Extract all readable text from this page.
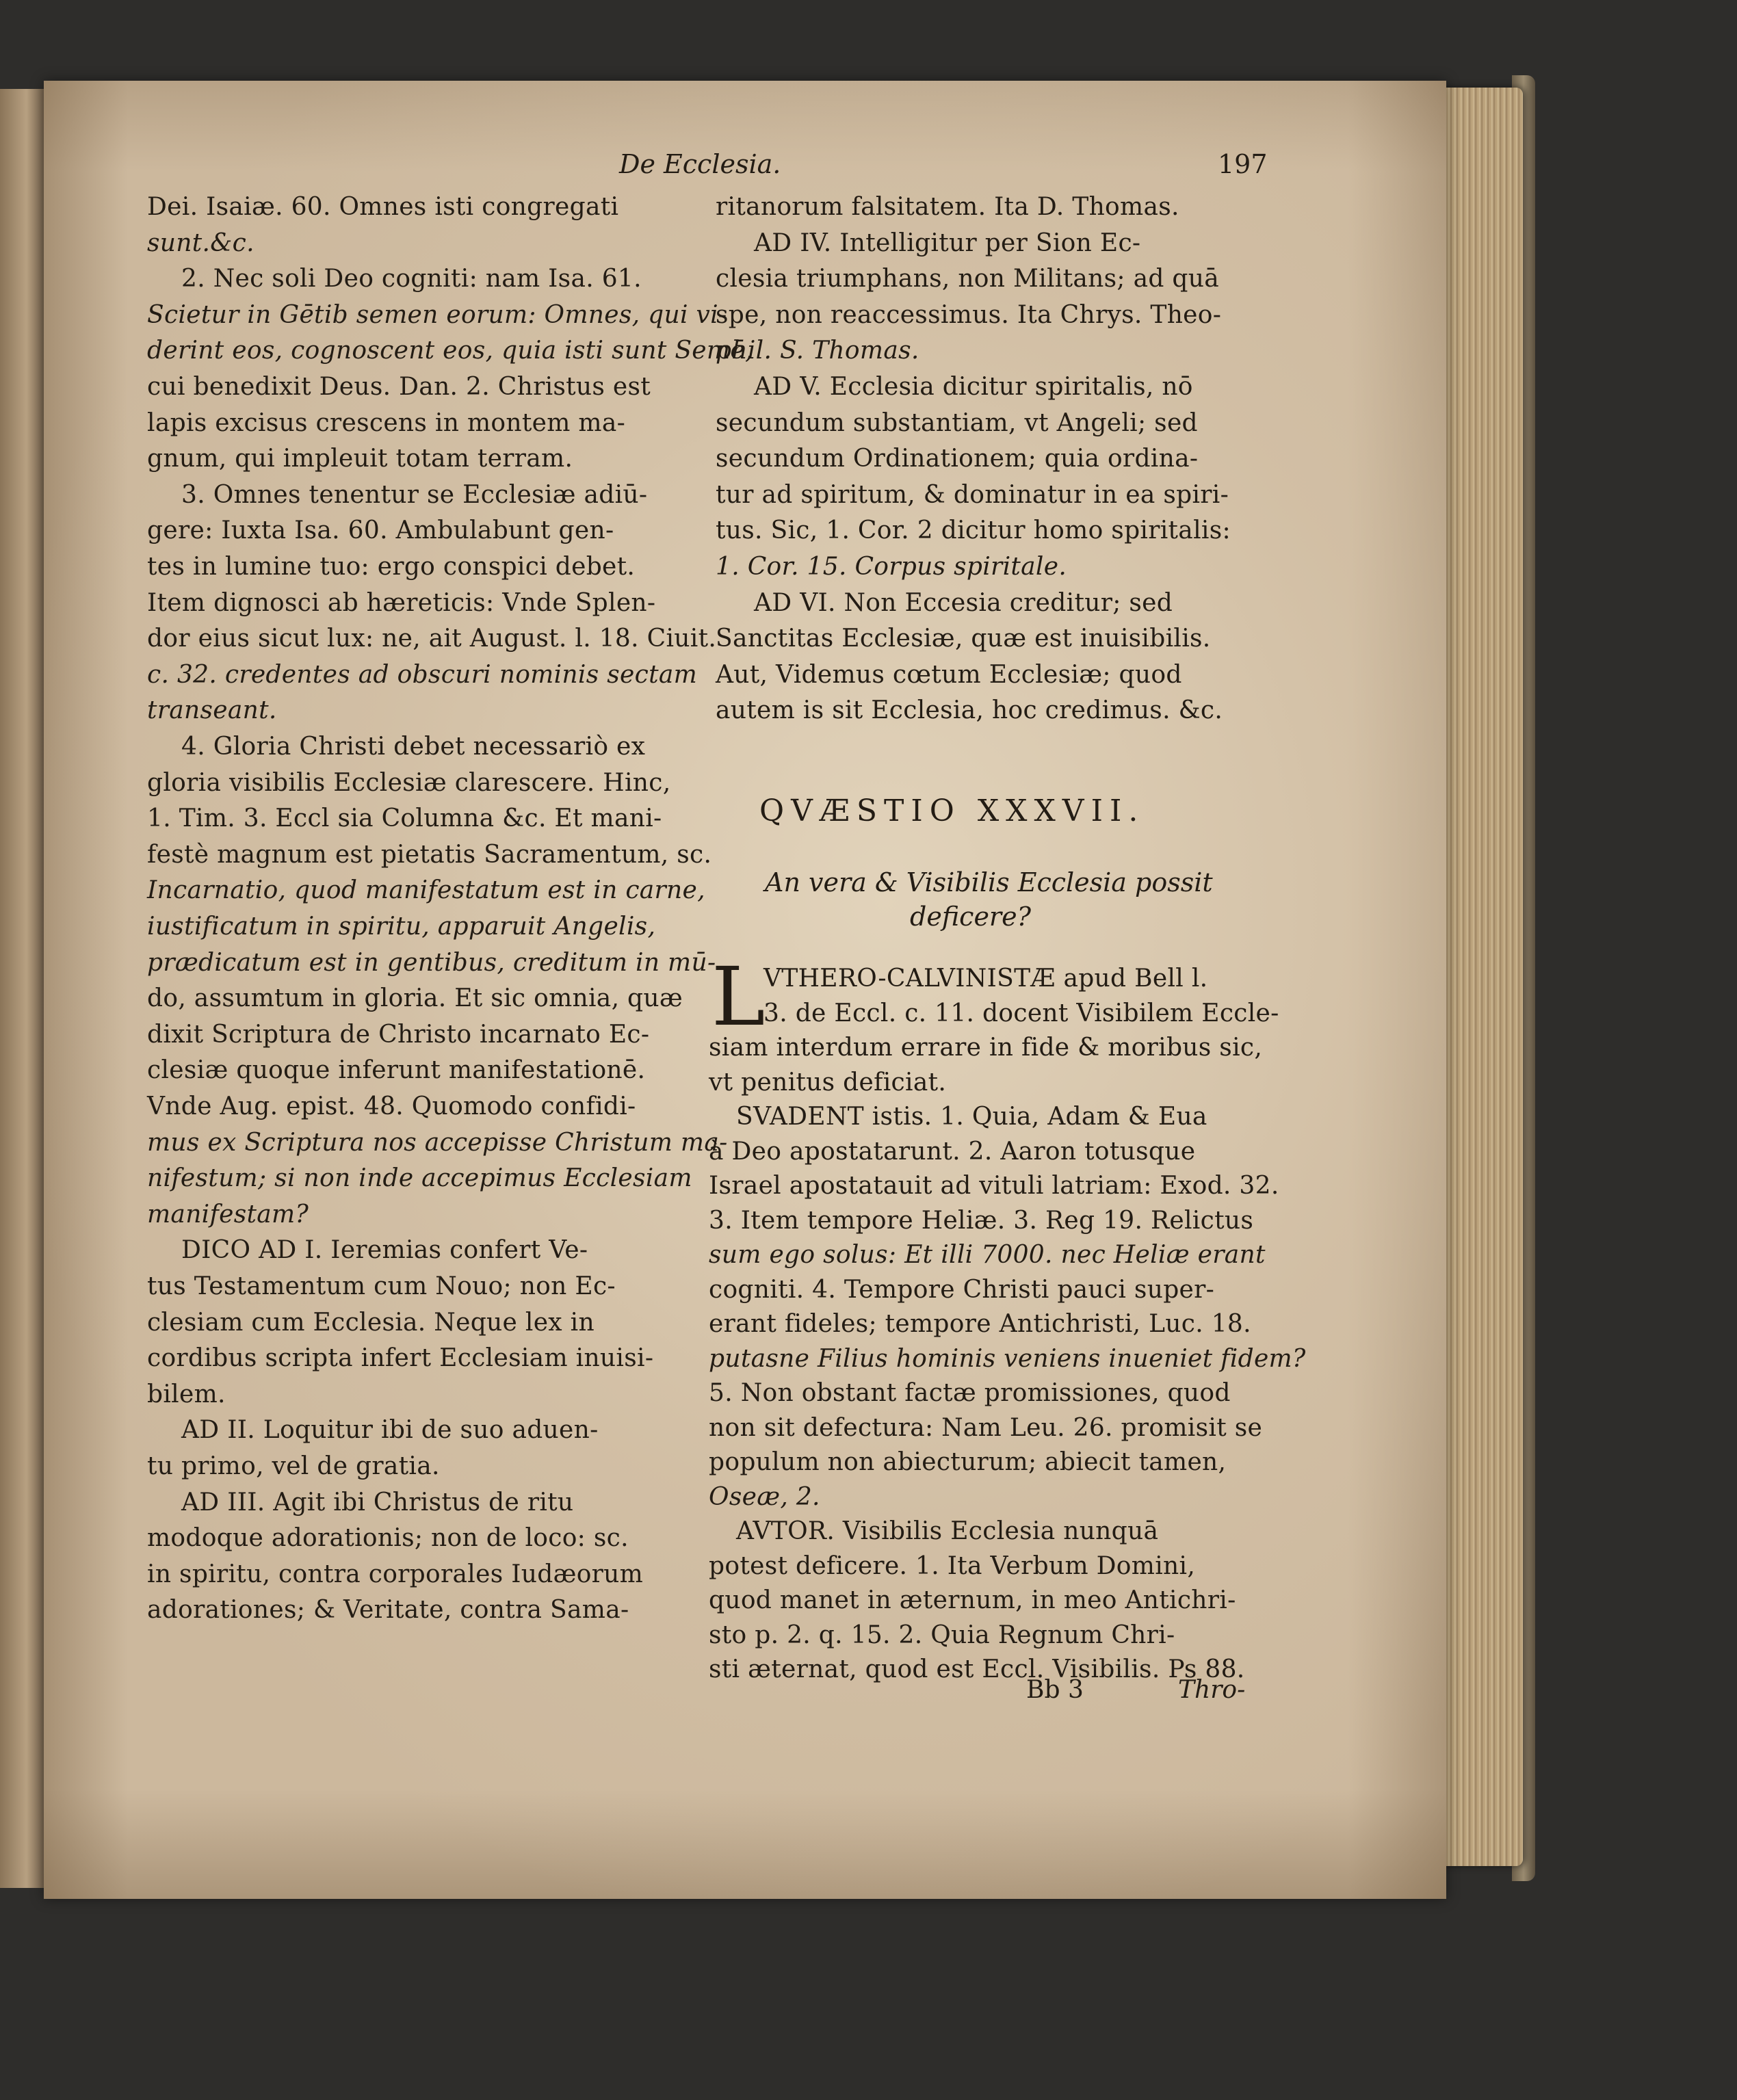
De Ecclesia.	197
Dei. Isaiæ. 60. Omnes isti congregati
sunt.&c.
2. Nec soli Deo cogniti: nam Isa. 61.
Scietur in Gētib semen eorum: Omnes, qui vi-
derint eos, cognoscent eos, quia isti sunt Semē,
cui benedixit Deus. Dan. 2. Christus est
lapis excisus crescens in montem ma-
gnum, qui impleuit totam terram.
3. Omnes tenentur se Ecclesiæ adiū-
gere: Iuxta Isa. 60. Ambulabunt gen-
tes in lumine tuo: ergo conspici debet.
Item dignosci ab hæreticis: Vnde Splen-
dor eius sicut lux: ne, ait August. l. 18. Ciuit.
c. 32. credentes ad obscuri nominis sectam
transeant.
4. Gloria Christi debet necessariò ex
gloria visibilis Ecclesiæ clarescere. Hinc,
1. Tim. 3. Eccl sia Columna &c. Et mani-
festè magnum est pietatis Sacramentum, sc.
Incarnatio, quod manifestatum est in carne,
iustificatum in spiritu, apparuit Angelis,
prædicatum est in gentibus, creditum in mū-
do, assumtum in gloria. Et sic omnia, quæ
dixit Scriptura de Christo incarnato Ec-
clesiæ quoque inferunt manifestationē.
Vnde Aug. epist. 48. Quomodo confidi-
mus ex Scriptura nos accepisse Christum ma-
nifestum; si non inde accepimus Ecclesiam
manifestam?
DICO AD I. Ieremias confert Ve-
tus Testamentum cum Nouo; non Ec-
clesiam cum Ecclesia. Neque lex in
cordibus scripta infert Ecclesiam inuisi-
bilem.
AD II. Loquitur ibi de suo aduen-
tu primo, vel de gratia.
AD III. Agit ibi Christus de ritu
modoque adorationis; non de loco: sc.
in spiritu, contra corporales Iudæorum
adorationes; & Veritate, contra Sama-
ritanorum falsitatem. Ita D. Thomas.
AD IV. Intelligitur per Sion Ec-
clesia triumphans, non Militans; ad quā
spe, non reaccessimus. Ita Chrys. Theo-
phil. S. Thomas.
AD V. Ecclesia dicitur spiritalis, nō
secundum substantiam, vt Angeli; sed
secundum Ordinationem; quia ordina-
tur ad spiritum, & dominatur in ea spiri-
tus. Sic, 1. Cor. 2 dicitur homo spiritalis:
1. Cor. 15. Corpus spiritale.
AD VI. Non Eccesia creditur; sed
Sanctitas Ecclesiæ, quæ est inuisibilis.
Aut, Videmus cœtum Ecclesiæ; quod
autem is sit Ecclesia, hoc credimus. &c.
QVÆSTIO XXXVII.
An vera & Visibilis Ecclesia possit
deficere?
L
VTHERO-CALVINISTÆ apud Bell l.
3. de Eccl. c. 11. docent Visibilem Eccle-
siam interdum errare in fide & moribus sic,
vt penitus deficiat.
SVADENT istis. 1. Quia, Adam & Eua
à Deo apostatarunt. 2. Aaron totusque
Israel apostatauit ad vituli latriam: Exod. 32.
3. Item tempore Heliæ. 3. Reg 19. Relictus
sum ego solus: Et illi 7000. nec Heliæ erant
cogniti. 4. Tempore Christi pauci super-
erant fideles; tempore Antichristi, Luc. 18.
putasne Filius hominis veniens inueniet fidem?
5. Non obstant factæ promissiones, quod
non sit defectura: Nam Leu. 26. promisit se
populum non abiecturum; abiecit tamen,
Oseæ, 2.
AVTOR. Visibilis Ecclesia nunquā
potest deficere. 1. Ita Verbum Domini,
quod manet in æternum, in meo Antichri-
sto p. 2. q. 15. 2. Quia Regnum Chri-
sti æternat, quod est Eccl. Visibilis. Ps 88.
Bb 3	Thro-
